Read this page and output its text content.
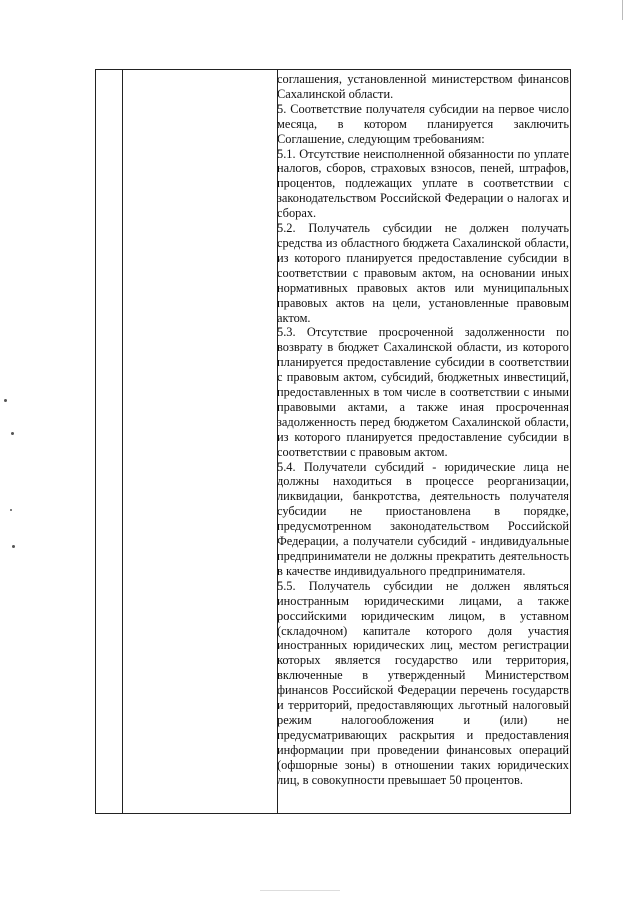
соглашения, установленной министерством финансов Сахалинской области.

5. Соответствие получателя субсидии на первое число месяца, в котором планируется заключить Соглашение, следующим требованиям:

5.1. Отсутствие неисполненной обязанности по уплате налогов, сборов, страховых взносов, пеней, штрафов, процентов, подлежащих уплате в соответствии с законодательством Российской Федерации о налогах и сборах.

5.2. Получатель субсидии не должен получать средства из областного бюджета Сахалинской области, из которого планируется предоставление субсидии в соответствии с правовым актом, на основании иных нормативных правовых актов или муниципальных правовых актов на цели, установленные правовым актом.

5.3. Отсутствие просроченной задолженности по возврату в бюджет Сахалинской области, из которого планируется предоставление субсидии в соответствии с правовым актом, субсидий, бюджетных инвестиций, предоставленных в том числе в соответствии с иными правовыми актами, а также иная просроченная задолженность перед бюджетом Сахалинской области, из которого планируется предоставление субсидии в соответствии с правовым актом.

5.4. Получатели субсидий - юридические лица не должны находиться в процессе реорганизации, ликвидации, банкротства, деятельность получателя субсидии не приостановлена в порядке, предусмотренном законодательством Российской Федерации, а получатели субсидий - индивидуальные предприниматели не должны прекратить деятельность в качестве индивидуального предпринимателя.

5.5. Получатель субсидии не должен являться иностранным юридическими лицами, а также российскими юридическим лицом, в уставном (складочном) капитале которого доля участия иностранных юридических лиц, местом регистрации которых является государство или территория, включенные в утвержденный Министерством финансов Российской Федерации перечень государств и территорий, предоставляющих льготный налоговый режим налогообложения и (или) не предусматривающих раскрытия и предоставления информации при проведении финансовых операций (офшорные зоны) в отношении таких юридических лиц, в совокупности превышает 50 процентов.
